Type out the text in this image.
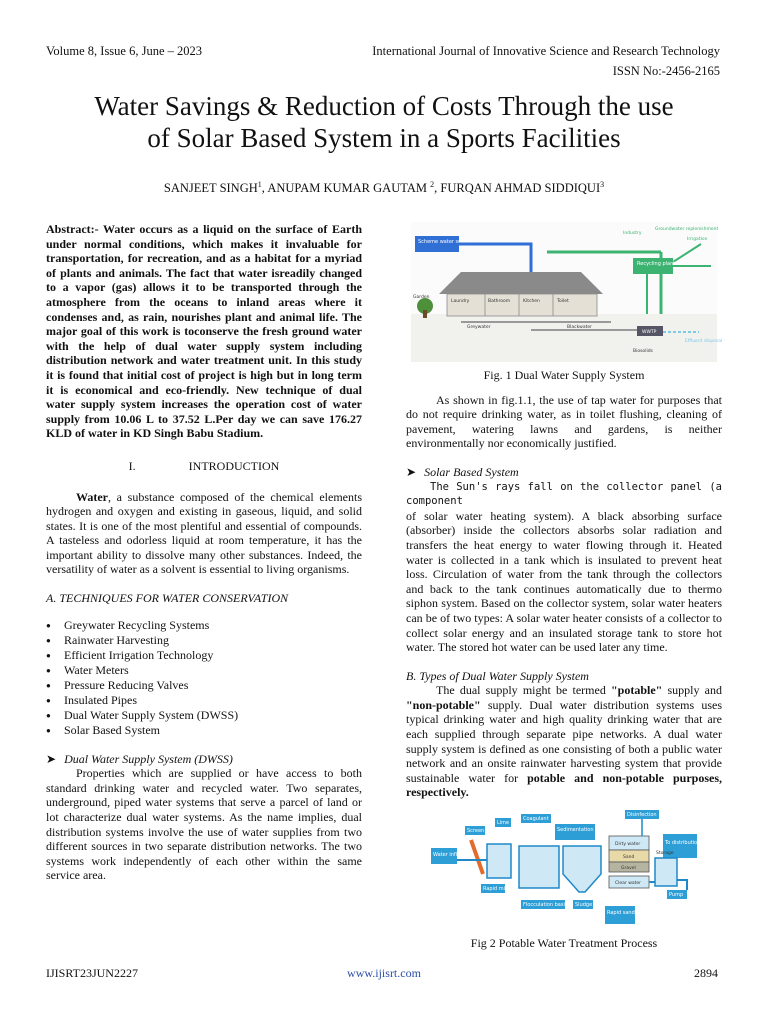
Volume 8, Issue 6, June – 2023	International Journal of Innovative Science and Research Technology
ISSN No:-2456-2165
Water Savings & Reduction of Costs Through the use
of Solar Based System in a Sports Facilities
SANJEET SINGH$^1$, ANUPAM KUMAR GAUTAM $^2$, FURQAN AHMAD SIDDIQUI$^3$

Abstract:- Water occurs as a liquid on the surface of Earth under normal conditions, which makes it invaluable for transportation, for recreation, and as a habitat for a myriad of plants and animals. The fact that water isreadily changed to a vapor (gas) allows it to be transported through the atmosphere from the oceans to inland areas where it condenses and, as rain, nourishes plant and animal life. The major goal of this work is toconserve the fresh ground water with the help of dual water supply system including distribution network and water treatment unit. In this study it is found that initial cost of project is high but in long term it is economical and eco-friendly. New technique of dual water supply system increases the operation cost of water supply from 10.06 L to 37.52 L.Per day we can save 176.27 KLD of water in KD Singh Babu Stadium.

I.	INTRODUCTION

Water, a substance composed of the chemical elements hydrogen and oxygen and existing in gaseous, liquid, and solid states. It is one of the most plentiful and essential of compounds. A tasteless and odorless liquid at room temperature, it has the important ability to dissolve many other substances. Indeed, the versatility of water as a solvent is essential to living organisms.

A. TECHNIQUES FOR WATER CONSERVATION
● Greywater Recycling Systems
● Rainwater Harvesting
● Efficient Irrigation Technology
● Water Meters
● Pressure Reducing Valves
● Insulated Pipes
● Dual Water Supply System (DWSS)
● Solar Based System
➤ Dual Water Supply System (DWSS)

Properties which are supplied or have access to both standard drinking water and recycled water. Two separates, underground, piped water systems that serve a parcel of land or lot characterize dual water systems. As the name implies, dual distribution systems involve the use of water supplies from two different sources in two separate distribution networks. The two systems work independently of each other within the same service area.

Scheme water supply
Recycling plant
Industry
Groundwater replenishment
Irrigation
Laundry	Bathroom	Kitchen	Toilet
Garden
Greywater	Blackwater
WWTP
Effluent disposal
Biosolids
Fig. 1 Dual Water Supply System

As shown in fig.1.1, the use of tap water for purposes that do not require drinking water, as in toilet flushing, cleaning of pavement, watering lawns and gardens, is neither environmentally nor economically justified.

➤ Solar Based System

The Sun's rays fall on the collector panel (a component

of solar water heating system). A black absorbing surface (absorber) inside the collectors absorbs solar radiation and transfers the heat energy to water flowing through it. Heated water is collected in a tank which is insulated to prevent heat loss. Circulation of water from the tank through the collectors and back to the tank continues automatically due to thermo siphon system. Based on the collector system, solar water heaters can be of two types: A solar water heater consists of a collector to collect solar energy and an insulated storage tank to store hot water. The stored hot water can be used later any time.

B. Types of Dual Water Supply System

The dual supply might be termed "potable" supply and "non-potable" supply. Dual water distribution systems uses typical drinking water and high quality drinking water that are each supplied through separate pipe networks. A dual water supply system is defined as one consisting of both a public water network and an onsite rainwater harvesting system that provide sustainable water for potable and non-potable purposes, respectively.

Screen
Lime
Coagulant
Sedimentation basin
Disinfection
Water influent
Rapid mix
Flocculation basin Sludge
To distribution system
Pump
Rapid sand filter
Dirty water
Sand
Gravel
Clear water
Storage
Fig 2 Potable Water Treatment Process
IJISRT23JUN2227	www.ijisrt.com	2894
